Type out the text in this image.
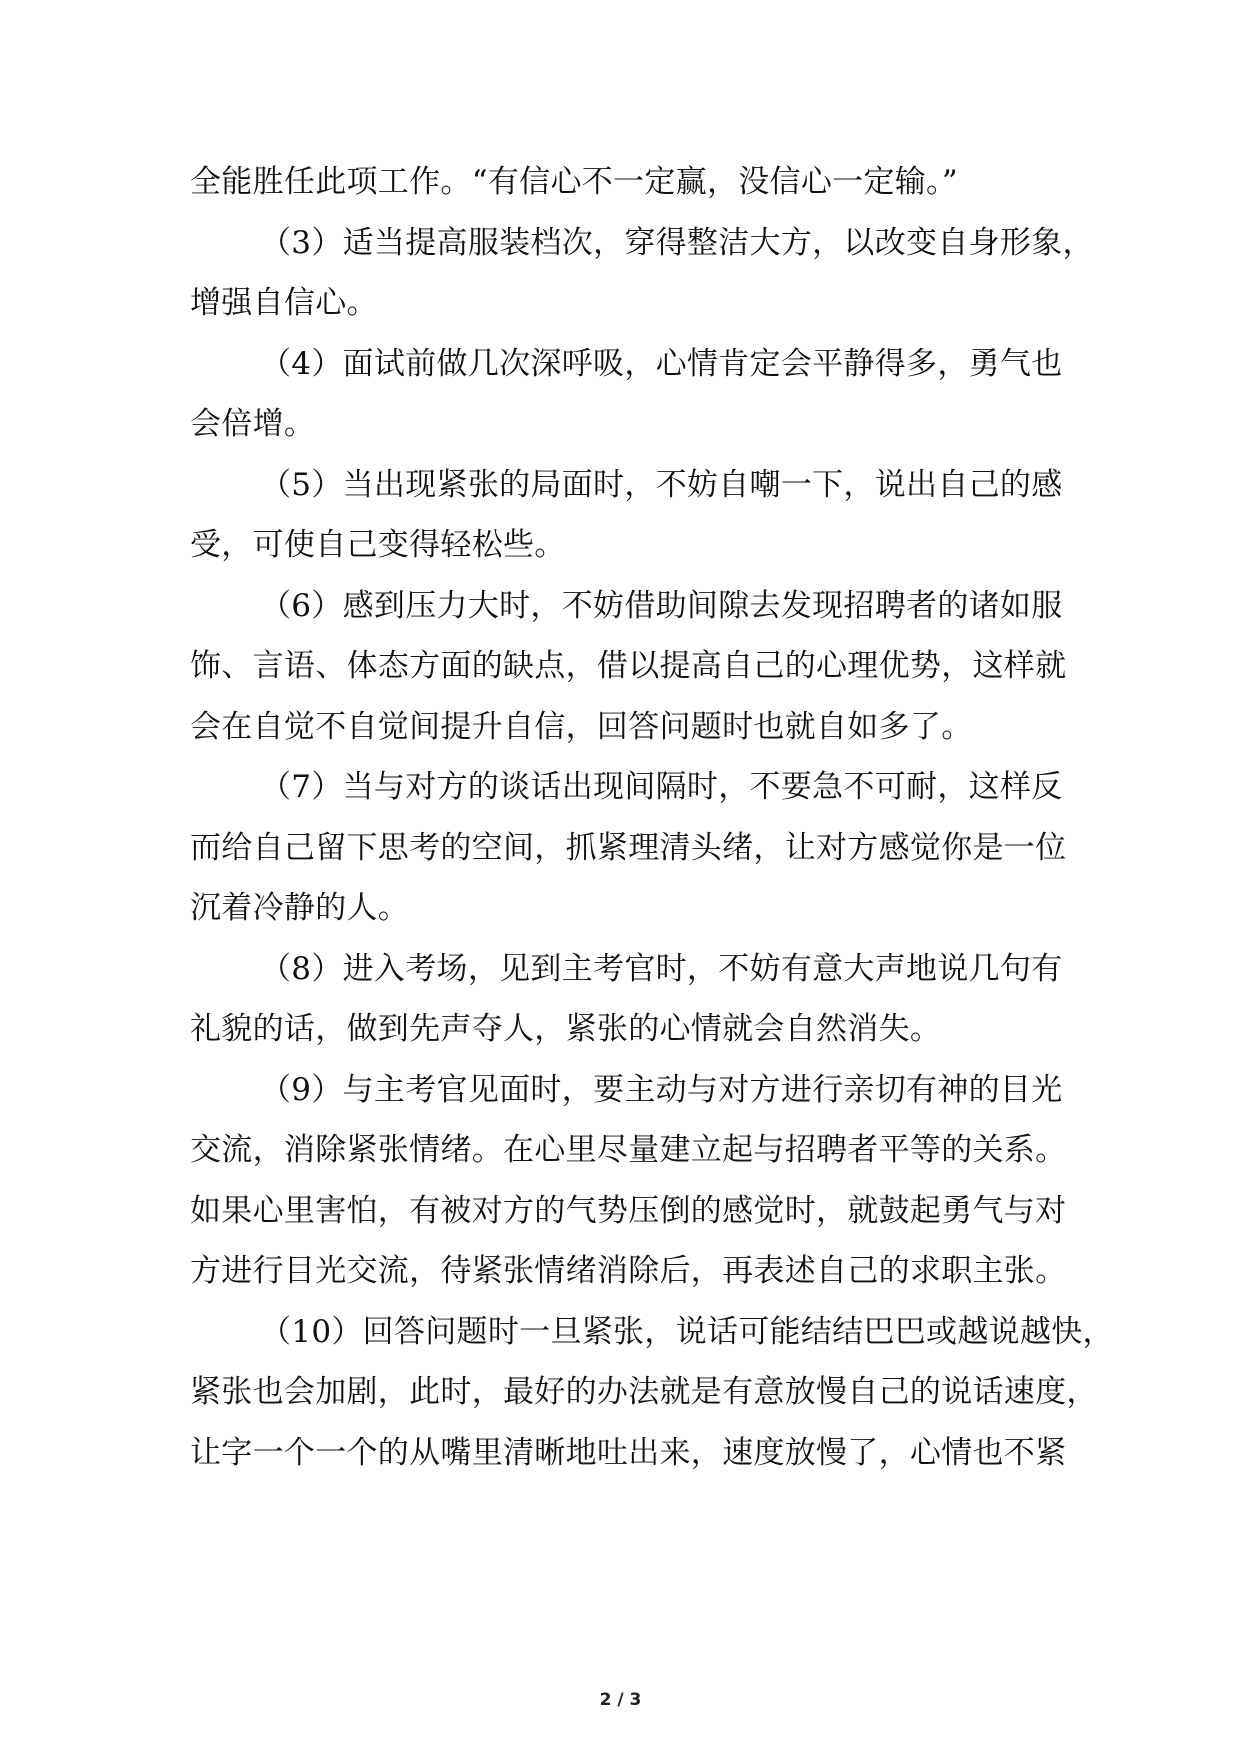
全能胜任此项工作。“有信心不一定赢，没信心一定输。”
（3）适当提高服装档次，穿得整洁大方，以改变自身形象，
增强自信心。
（4）面试前做几次深呼吸，心情肯定会平静得多，勇气也
会倍增。
（5）当出现紧张的局面时，不妨自嘲一下，说出自己的感
受，可使自己变得轻松些。
（6）感到压力大时，不妨借助间隙去发现招聘者的诸如服
饰、言语、体态方面的缺点，借以提高自己的心理优势，这样就
会在自觉不自觉间提升自信，回答问题时也就自如多了。
（7）当与对方的谈话出现间隔时，不要急不可耐，这样反
而给自己留下思考的空间，抓紧理清头绪，让对方感觉你是一位
沉着冷静的人。
（8）进入考场，见到主考官时，不妨有意大声地说几句有
礼貌的话，做到先声夺人，紧张的心情就会自然消失。
（9）与主考官见面时，要主动与对方进行亲切有神的目光
交流，消除紧张情绪。在心里尽量建立起与招聘者平等的关系。
如果心里害怕，有被对方的气势压倒的感觉时，就鼓起勇气与对
方进行目光交流，待紧张情绪消除后，再表述自己的求职主张。
（10）回答问题时一旦紧张，说话可能结结巴巴或越说越快，
紧张也会加剧，此时，最好的办法就是有意放慢自己的说话速度，
让字一个一个的从嘴里清晰地吐出来，速度放慢了，心情也不紧
2 / 3
